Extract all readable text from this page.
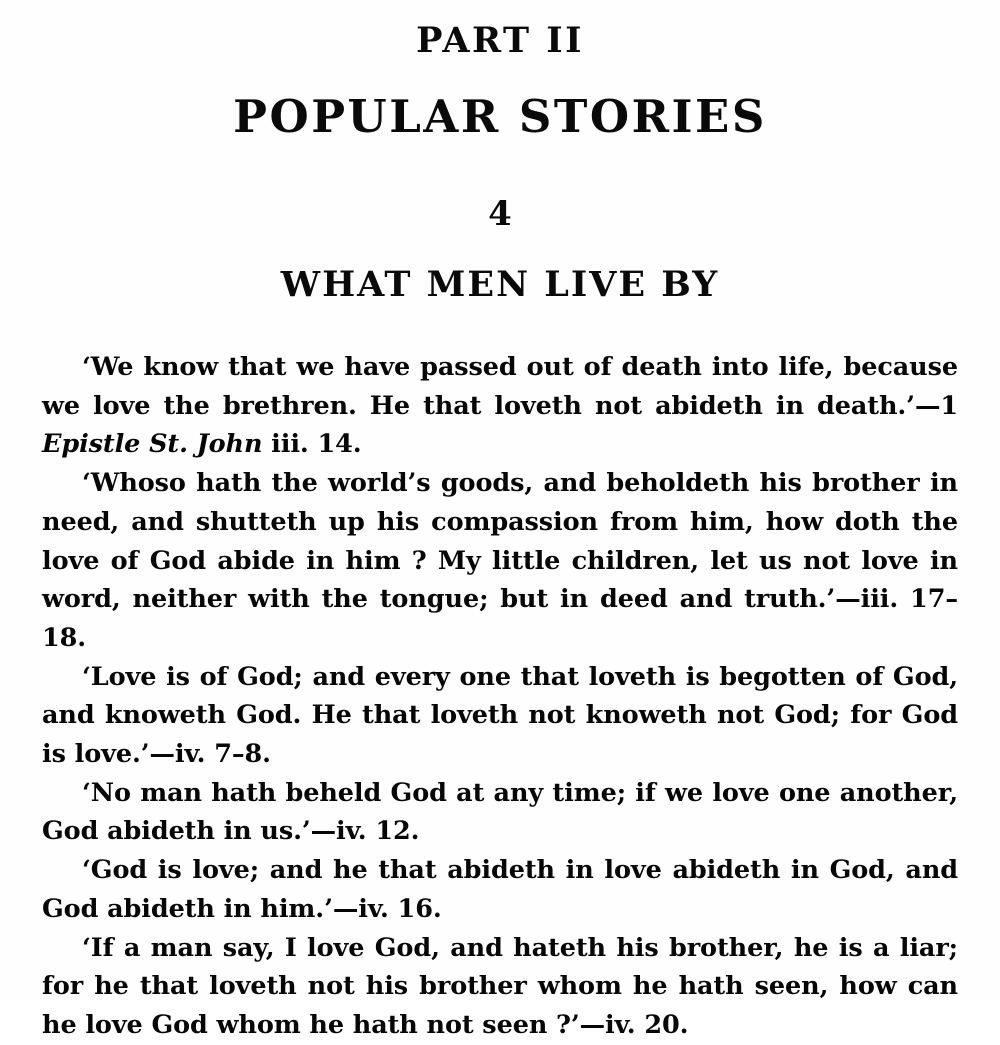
PART II
POPULAR STORIES
4
WHAT MEN LIVE BY

‘We know that we have passed out of death into life, because we love the brethren. He that loveth not abideth in death.’—1 Epistle St. John iii. 14.

‘Whoso hath the world’s goods, and beholdeth his brother in need, and shutteth up his compassion from him, how doth the love of God abide in him ? My little children, let us not love in word, neither with the tongue; but in deed and truth.’—iii. 17–18.

‘Love is of God; and every one that loveth is begotten of God, and knoweth God. He that loveth not knoweth not God; for God is love.’—iv. 7–8.

‘No man hath beheld God at any time; if we love one another, God abideth in us.’—iv. 12.

‘God is love; and he that abideth in love abideth in God, and God abideth in him.’—iv. 16.

‘If a man say, I love God, and hateth his brother, he is a liar; for he that loveth not his brother whom he hath seen, how can he love God whom he hath not seen ?’—iv. 20.
